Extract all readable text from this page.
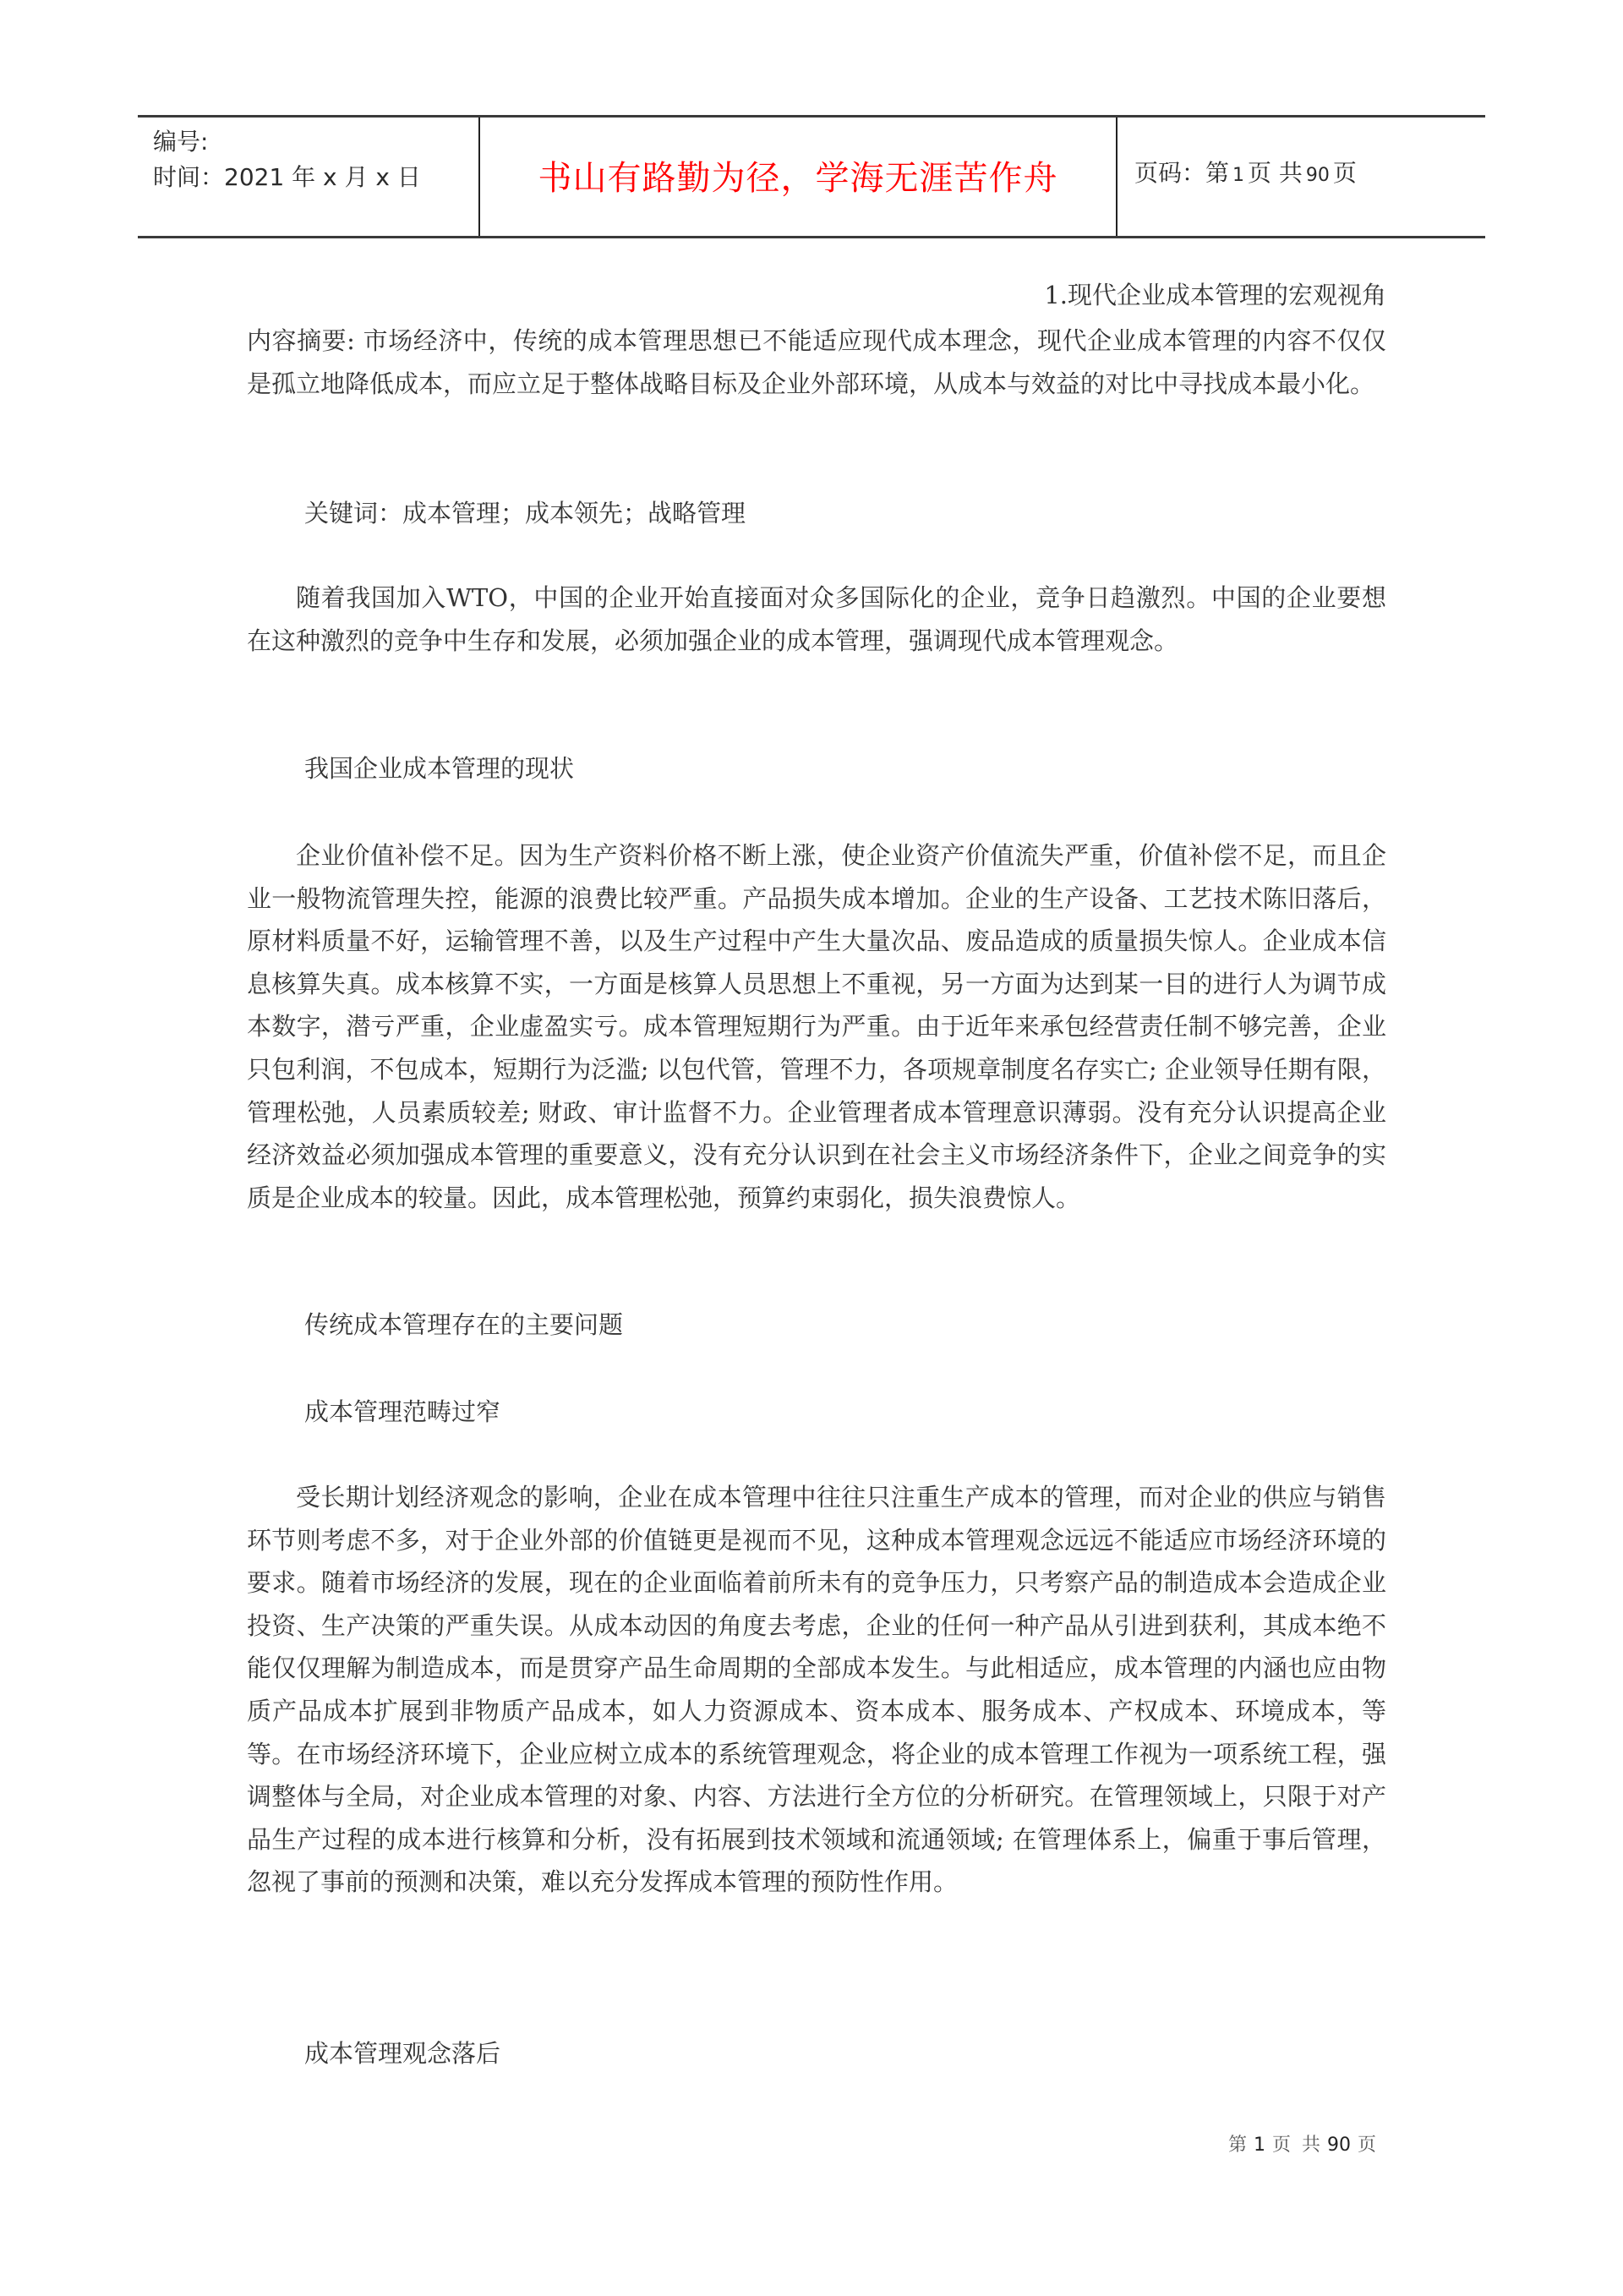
编号:
时间：2021 年 x 月 x 日	书山有路勤为径，学海无涯苦作舟	页码：第 1 页 共 90 页
1.现代企业成本管理的宏观视角
内容摘要: 市场经济中，传统的成本管理思想已不能适应现代成本理念，现代企业成本管理的内容不仅仅是孤立地降低成本，而应立足于整体战略目标及企业外部环境，从成本与效益的对比中寻找成本最小化。
关键词：成本管理；成本领先；战略管理
随着我国加入WTO，中国的企业开始直接面对众多国际化的企业，竞争日趋激烈。中国的企业要想在这种激烈的竞争中生存和发展，必须加强企业的成本管理，强调现代成本管理观念。
我国企业成本管理的现状
企业价值补偿不足。因为生产资料价格不断上涨，使企业资产价值流失严重，价值补偿不足，而且企业一般物流管理失控，能源的浪费比较严重。产品损失成本增加。企业的生产设备、工艺技术陈旧落后，原材料质量不好，运输管理不善，以及生产过程中产生大量次品、废品造成的质量损失惊人。企业成本信息核算失真。成本核算不实，一方面是核算人员思想上不重视，另一方面为达到某一目的进行人为调节成本数字，潜亏严重，企业虚盈实亏。成本管理短期行为严重。由于近年来承包经营责任制不够完善，企业只包利润，不包成本，短期行为泛滥; 以包代管，管理不力，各项规章制度名存实亡; 企业领导任期有限，管理松弛，人员素质较差; 财政、审计监督不力。企业管理者成本管理意识薄弱。没有充分认识提高企业经济效益必须加强成本管理的重要意义，没有充分认识到在社会主义市场经济条件下，企业之间竞争的实质是企业成本的较量。因此，成本管理松弛，预算约束弱化，损失浪费惊人。
传统成本管理存在的主要问题
成本管理范畴过窄
受长期计划经济观念的影响，企业在成本管理中往往只注重生产成本的管理，而对企业的供应与销售环节则考虑不多，对于企业外部的价值链更是视而不见，这种成本管理观念远远不能适应市场经济环境的要求。随着市场经济的发展，现在的企业面临着前所未有的竞争压力，只考察产品的制造成本会造成企业投资、生产决策的严重失误。从成本动因的角度去考虑，企业的任何一种产品从引进到获利，其成本绝不能仅仅理解为制造成本，而是贯穿产品生命周期的全部成本发生。与此相适应，成本管理的内涵也应由物质产品成本扩展到非物质产品成本，如人力资源成本、资本成本、服务成本、产权成本、环境成本，等等。在市场经济环境下，企业应树立成本的系统管理观念，将企业的成本管理工作视为一项系统工程，强调整体与全局，对企业成本管理的对象、内容、方法进行全方位的分析研究。在管理领域上，只限于对产品生产过程的成本进行核算和分析，没有拓展到技术领域和流通领域; 在管理体系上，偏重于事后管理，忽视了事前的预测和决策，难以充分发挥成本管理的预防性作用。
成本管理观念落后
第 1 页 共 90 页
